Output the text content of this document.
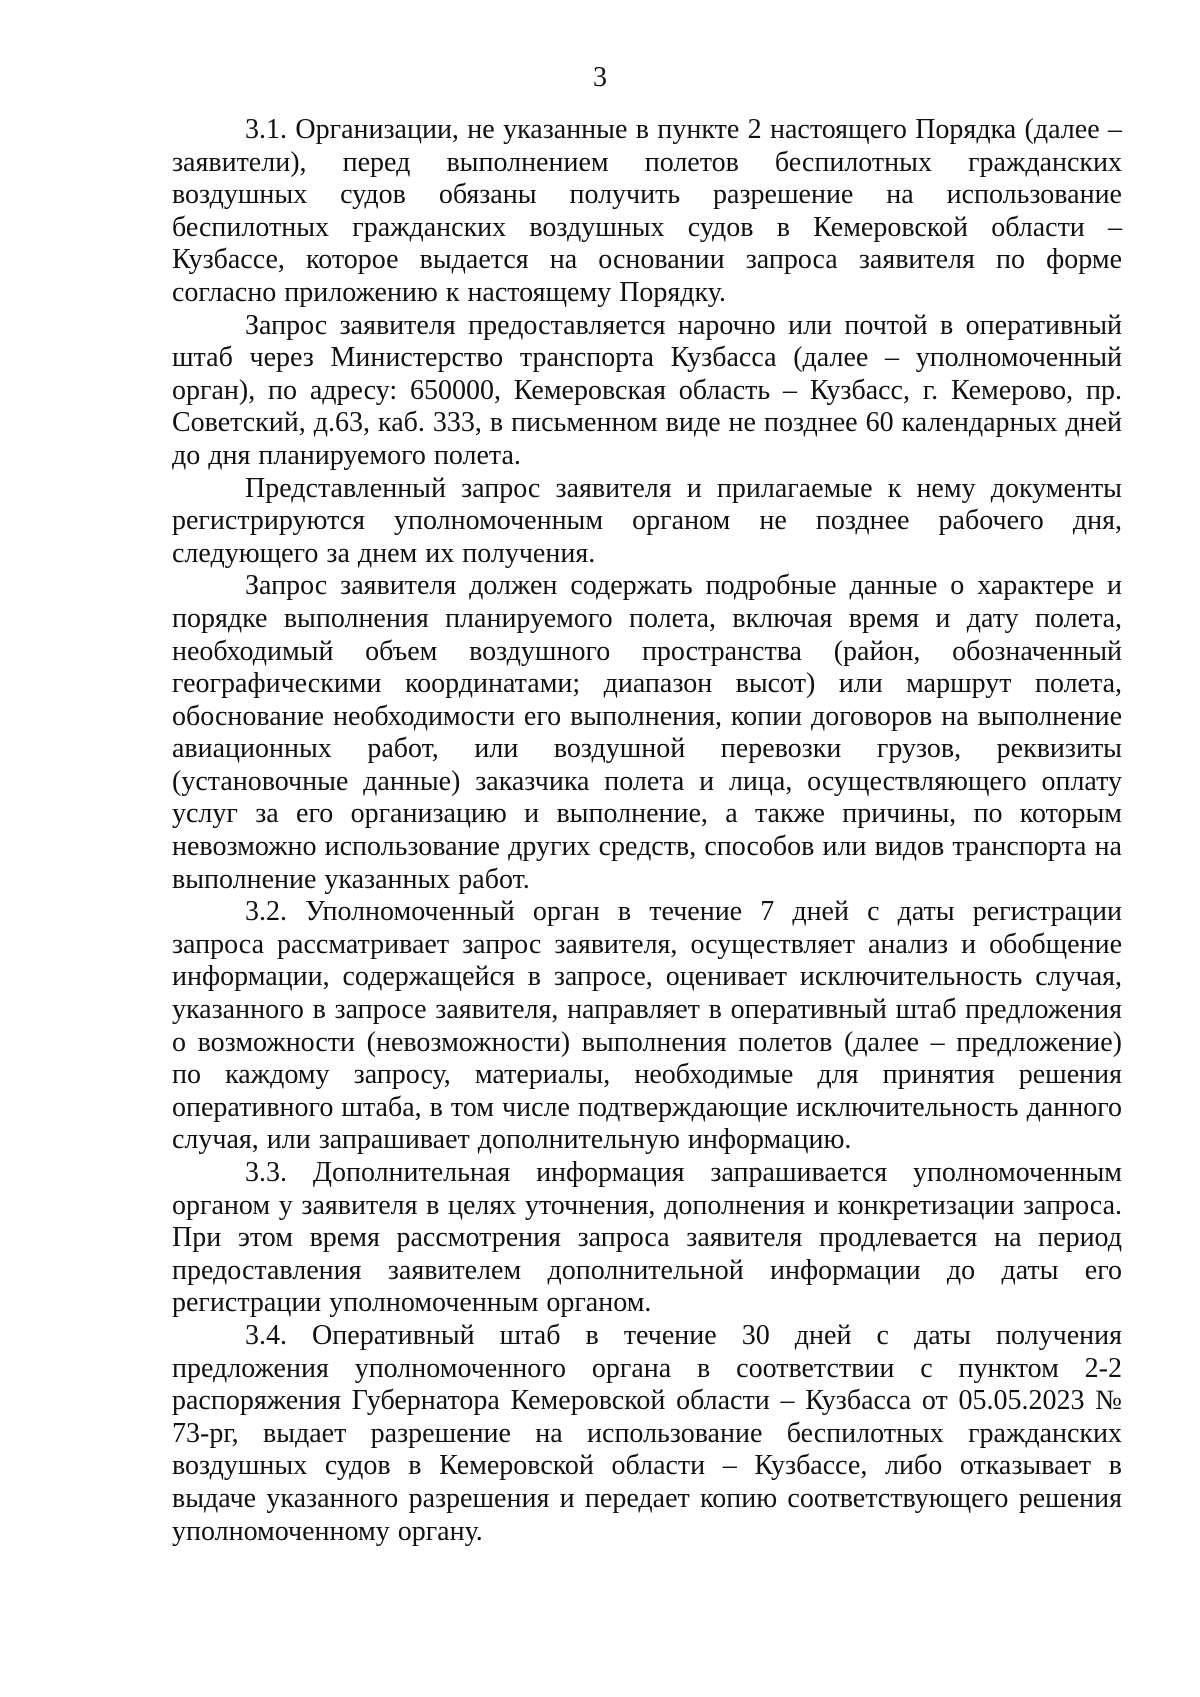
3

3.1. Организации, не указанные в пункте 2 настоящего Порядка (далее – заявители), перед выполнением полетов беспилотных гражданских воздушных судов обязаны получить разрешение на использование беспилотных гражданских воздушных судов в Кемеровской области – Кузбассе, которое выдается на основании запроса заявителя по форме согласно приложению к настоящему Порядку.

Запрос заявителя предоставляется нарочно или почтой в оперативный штаб через Министерство транспорта Кузбасса (далее – уполномоченный орган), по адресу: 650000, Кемеровская область – Кузбасс, г. Кемерово, пр. Советский, д.63, каб. 333, в письменном виде не позднее 60 календарных дней до дня планируемого полета.

Представленный запрос заявителя и прилагаемые к нему документы регистрируются уполномоченным органом не позднее рабочего дня, следующего за днем их получения.

Запрос заявителя должен содержать подробные данные о характере и порядке выполнения планируемого полета, включая время и дату полета, необходимый объем воздушного пространства (район, обозначенный географическими координатами; диапазон высот) или маршрут полета, обоснование необходимости его выполнения, копии договоров на выполнение авиационных работ, или воздушной перевозки грузов, реквизиты (установочные данные) заказчика полета и лица, осуществляющего оплату услуг за его организацию и выполнение, а также причины, по которым невозможно использование других средств, способов или видов транспорта на выполнение указанных работ.

3.2. Уполномоченный орган в течение 7 дней с даты регистрации запроса рассматривает запрос заявителя, осуществляет анализ и обобщение информации, содержащейся в запросе, оценивает исключительность случая, указанного в запросе заявителя, направляет в оперативный штаб предложения о возможности (невозможности) выполнения полетов (далее – предложение) по каждому запросу, материалы, необходимые для принятия решения оперативного штаба, в том числе подтверждающие исключительность данного случая, или запрашивает дополнительную информацию.

3.3. Дополнительная информация запрашивается уполномоченным органом у заявителя в целях уточнения, дополнения и конкретизации запроса. При этом время рассмотрения запроса заявителя продлевается на период предоставления заявителем дополнительной информации до даты его регистрации уполномоченным органом.

3.4. Оперативный штаб в течение 30 дней с даты получения предложения уполномоченного органа в соответствии с пунктом 2-2 распоряжения Губернатора Кемеровской области – Кузбасса от 05.05.2023 № 73-рг, выдает разрешение на использование беспилотных гражданских воздушных судов в Кемеровской области – Кузбассе, либо отказывает в выдаче указанного разрешения и передает копию соответствующего решения уполномоченному органу.
